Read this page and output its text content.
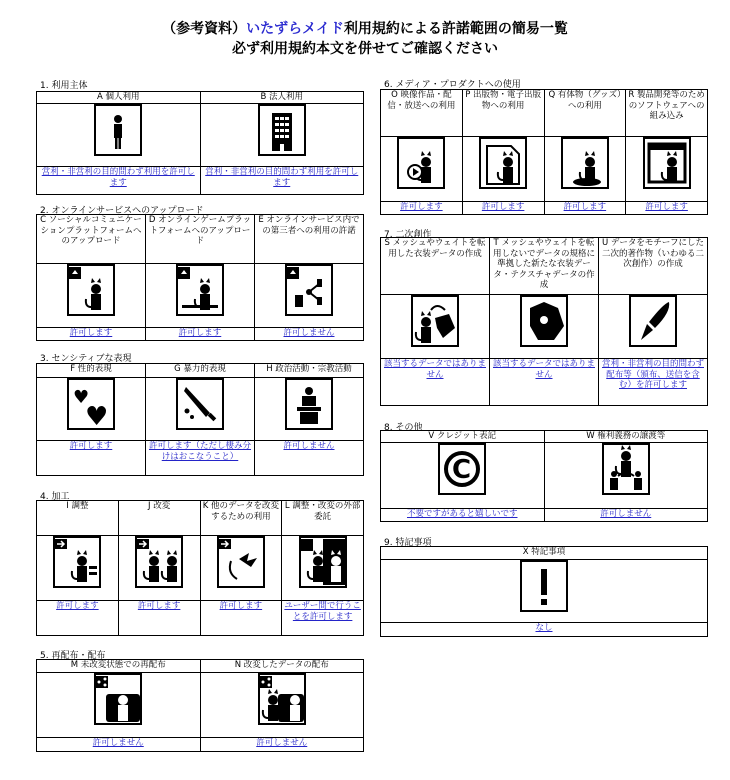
（参考資料）いたずらメイド利用規約による許諾範囲の簡易一覧
必ず利用規約本文を併せてご確認ください
1. 利用主体
A 個人利用	B 法人利用

営利・非営利の目的問わず利用を許可します	営利・非営利の目的問わず利用を許可します
2. オンラインサービスへのアップロード
C ソーシャルコミュニケーションプラットフォームへのアップロード	D オンラインゲームプラットフォームへのアップロード	E オンラインサービス内での第三者への利用の許諾

許可します	許可します	許可しません
3. センシティブな表現
F 性的表現	G 暴力的表現	H 政治活動・宗教活動

♥
♥

許可します	許可します（ただし棲み分けはおこなうこと）	許可しません
4. 加工
I 調整	J 改変	K 他のデータを改変するための利用	L 調整・改変の外部委託

許可します	許可します	許可します	ユーザー間で行うことを許可します
5. 再配布・配布
M 未改変状態での再配布	N 改変したデータの配布

許可しません	許可しません
6. メディア・プロダクトへの使用
O 映像作品・配信・放送への利用	P 出版物・電子出版物への利用	Q 有体物（グッズ）への利用	R 製品開発等のためのソフトウェアへの組み込み

許可します	許可します	許可します	許可します
7. 二次創作
S メッシュやウェイトを転用した衣装データの作成	T メッシュやウェイトを転用しないでデータの規格に準拠した新たな衣装データ・テクスチャデータの作成	U データをモチーフにした二次的著作物（いわゆる二次創作）の作成

該当するデータではありません	該当するデータではありません	営利・非営利の目的問わず配布等（頒布、送信を含む）を許可します
8. その他
V クレジット表記	W 権利義務の譲渡等

C

不要ですがあると嬉しいです	許可しません
9. 特記事項
X 特記事項

なし
